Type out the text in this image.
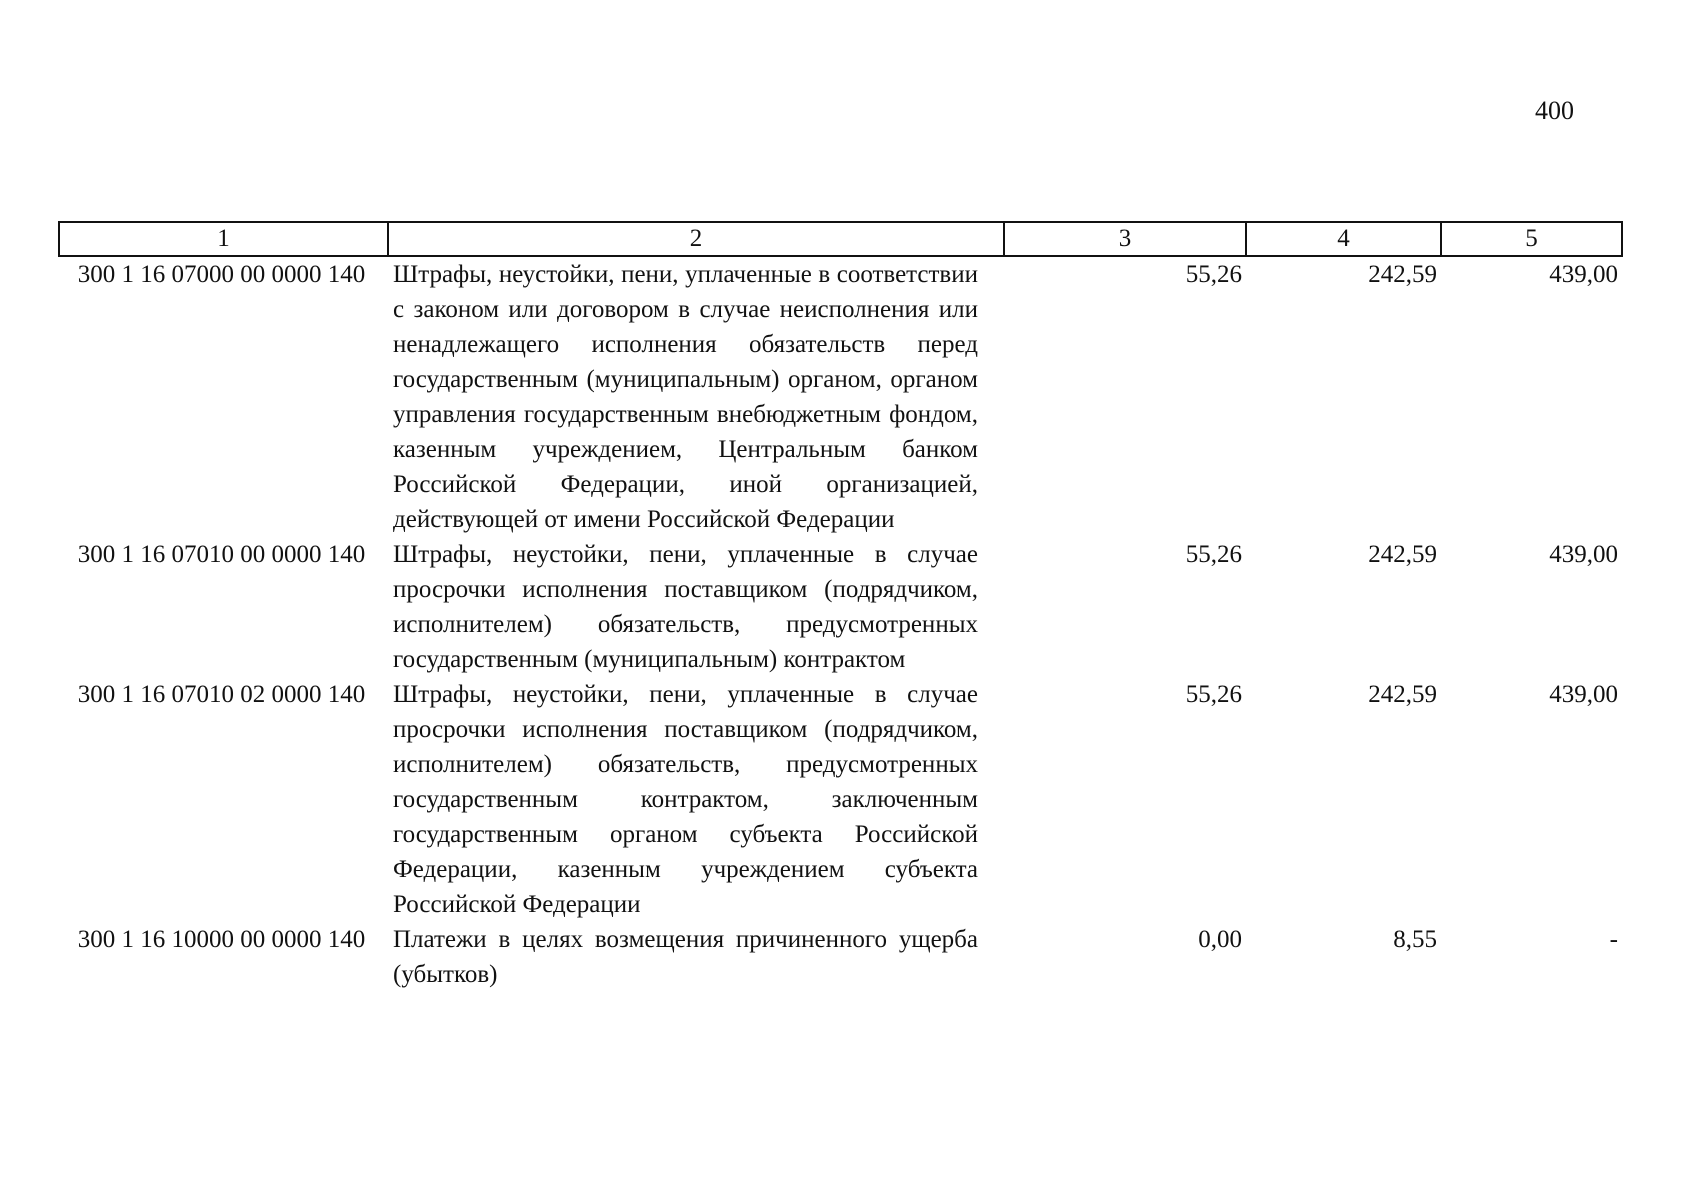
400
1	2	3	4	5
300 1 16 07000 00 0000 140	Штрафы, неустойки, пени, уплаченные в соответствии с законом или договором в случае неисполнения или ненадлежащего исполнения обязательств перед государственным (муниципальным) органом, органом управления государственным внебюджетным фондом, казенным учреждением, Центральным банком Российской Федерации, иной организацией, действующей от имени Российской Федерации	55,26	242,59	439,00
300 1 16 07010 00 0000 140	Штрафы, неустойки, пени, уплаченные в случае просрочки исполнения поставщиком (подрядчиком, исполнителем) обязательств, предусмотренных государственным (муниципальным) контрактом	55,26	242,59	439,00
300 1 16 07010 02 0000 140	Штрафы, неустойки, пени, уплаченные в случае просрочки исполнения поставщиком (подрядчиком, исполнителем) обязательств, предусмотренных государственным контрактом, заключенным государственным органом субъекта Российской Федерации, казенным учреждением субъекта Российской Федерации	55,26	242,59	439,00
300 1 16 10000 00 0000 140	Платежи в целях возмещения причиненного ущерба (убытков)	0,00	8,55	-
